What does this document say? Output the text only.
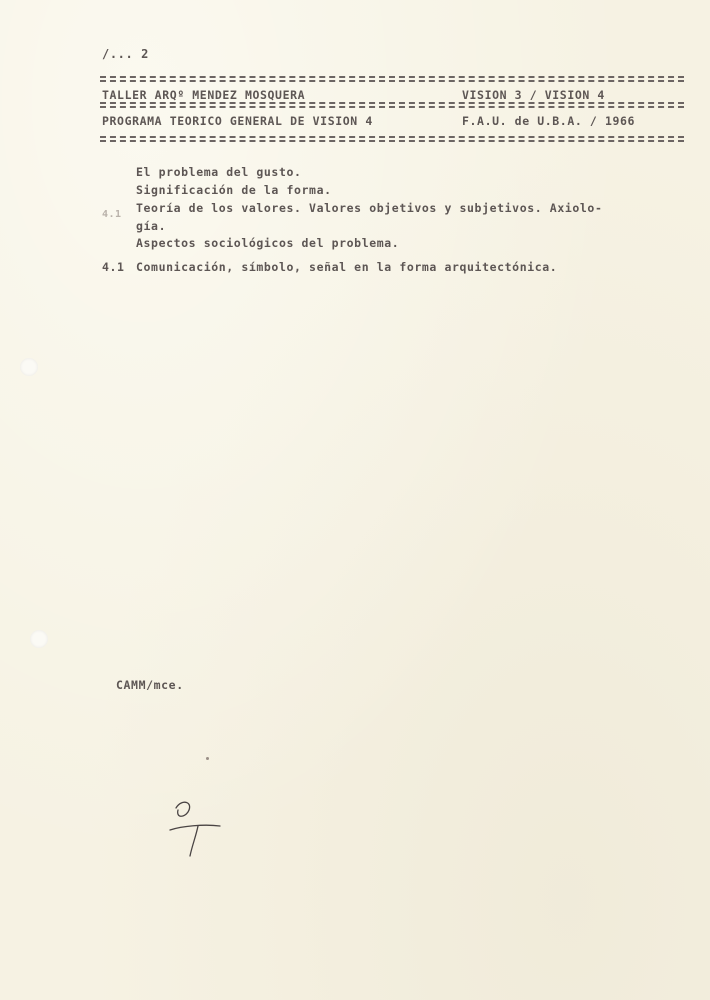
/... 2
TALLER ARQº MENDEZ MOSQUERA	VISION 3 / VISION 4
PROGRAMA TEORICO GENERAL DE VISION 4	F.A.U. de U.B.A. / 1966
El problema del gusto.
Significación de la forma.
4.1 Teoría de los valores. Valores objetivos y subjetivos. Axiolo-
gía.
Aspectos sociológicos del problema.
4.1 Comunicación, símbolo, señal en la forma arquitectónica.
CAMM/mce.
